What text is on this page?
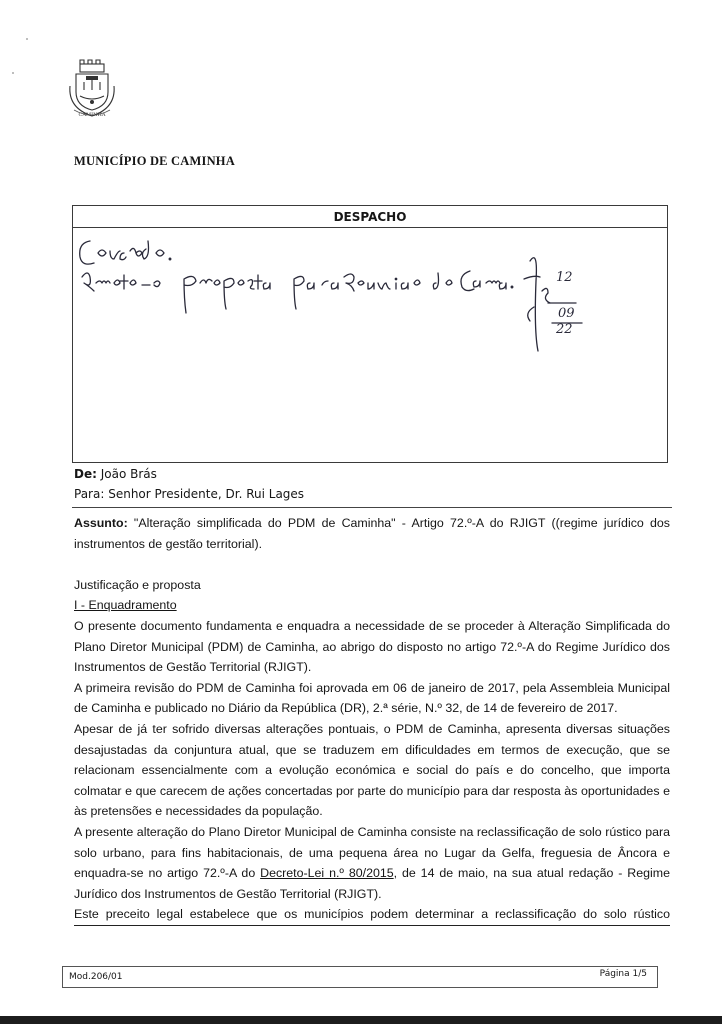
CAMINHA
MUNICÍPIO DE CAMINHA
DESPACHO
12
09
22
De: João Brás
Para: Senhor Presidente, Dr. Rui Lages

Assunto: "Alteração simplificada do PDM de Caminha" - Artigo 72.º-A do RJIGT ((regime jurídico dos instrumentos de gestão territorial).

Justificação e proposta

I - Enquadramento

O presente documento fundamenta e enquadra a necessidade de se proceder à Alteração Simplificada do Plano Diretor Municipal (PDM) de Caminha, ao abrigo do disposto no artigo 72.º-A do Regime Jurídico dos Instrumentos de Gestão Territorial (RJIGT).

A primeira revisão do PDM de Caminha foi aprovada em 06 de janeiro de 2017, pela Assembleia Municipal de Caminha e publicado no Diário da República (DR), 2.ª série, N.º 32, de 14 de fevereiro de 2017.

Apesar de já ter sofrido diversas alterações pontuais, o PDM de Caminha, apresenta diversas situações desajustadas da conjuntura atual, que se traduzem em dificuldades em termos de execução, que se relacionam essencialmente com a evolução económica e social do país e do concelho, que importa colmatar e que carecem de ações concertadas por parte do município para dar resposta às oportunidades e às pretensões e necessidades da população.

A presente alteração do Plano Diretor Municipal de Caminha consiste na reclassificação de solo rústico para solo urbano, para fins habitacionais, de uma pequena área no Lugar da Gelfa, freguesia de Âncora e enquadra-se no artigo 72.º-A do Decreto-Lei n.º 80/2015, de 14 de maio, na sua atual redação - Regime Jurídico dos Instrumentos de Gestão Territorial (RJIGT).

Este preceito legal estabelece que os municípios podem determinar a reclassificação do solo rústico

Mod.206/01	Página 1/5
